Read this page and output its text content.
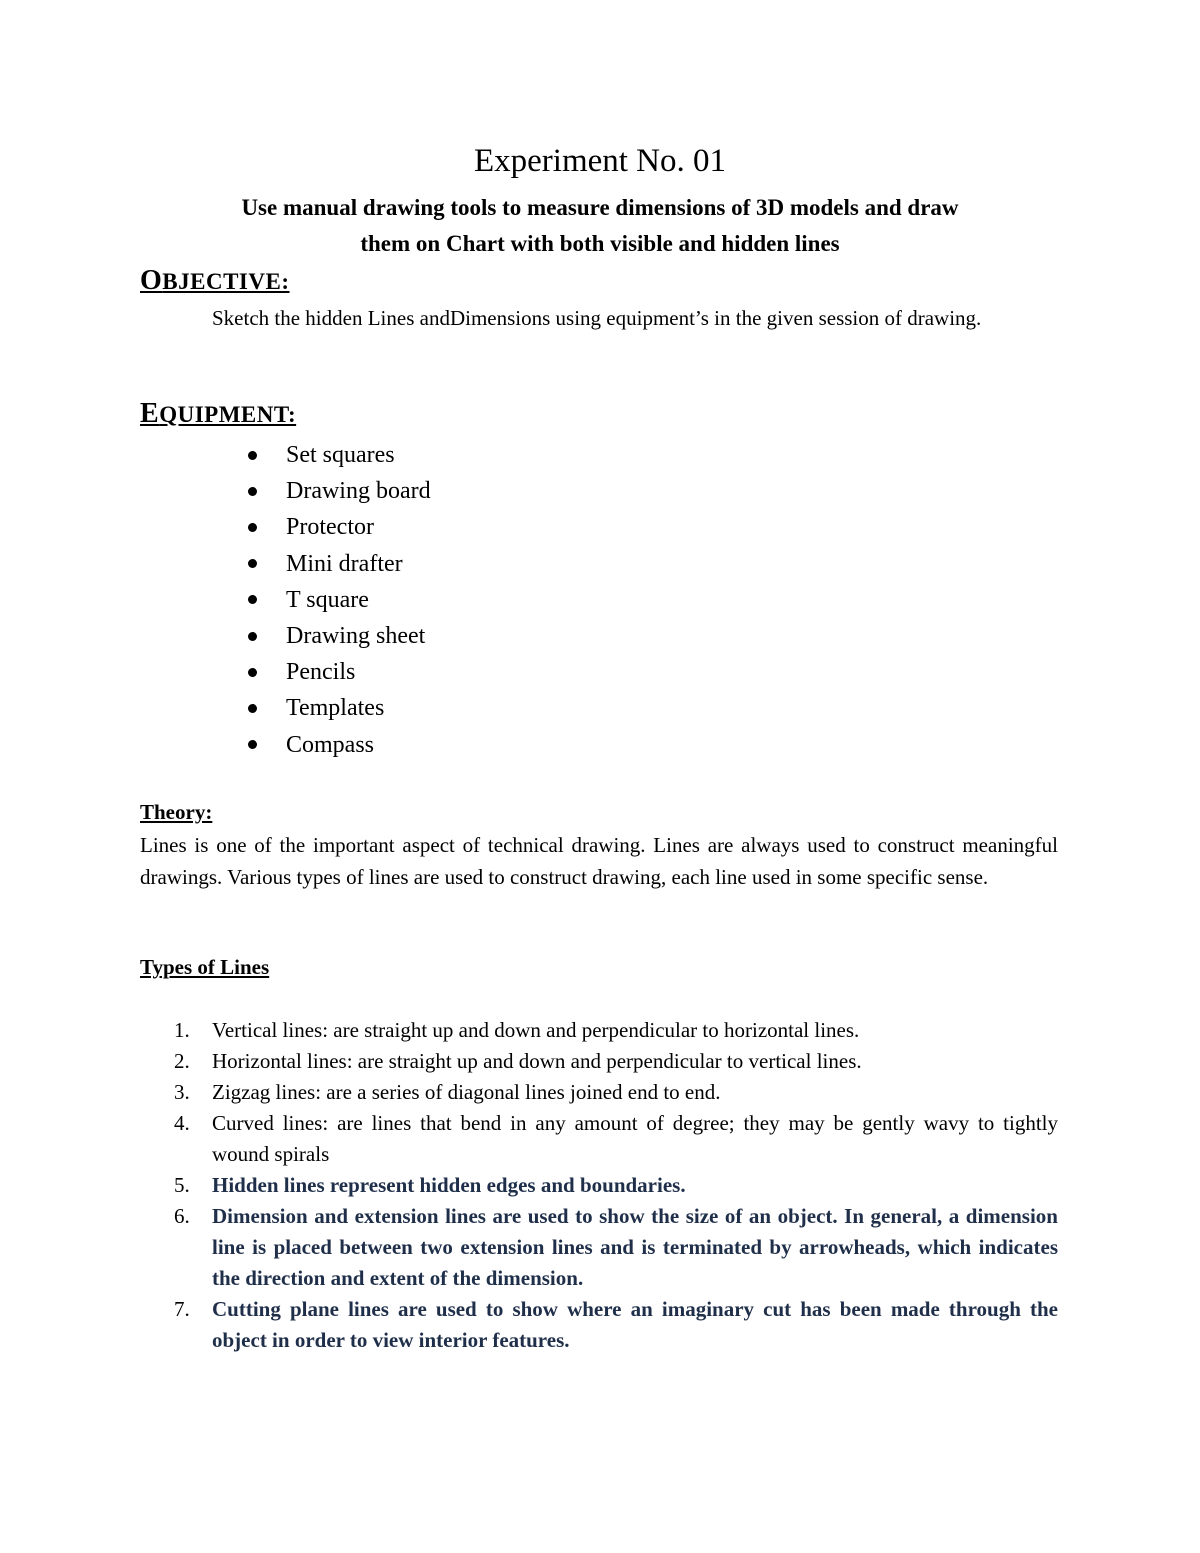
Experiment No. 01
Use manual drawing tools to measure dimensions of 3D models and draw
them on Chart with both visible and hidden lines
OBJECTIVE:
Sketch the hidden Lines andDimensions using equipment’s in the given session of drawing.
EQUIPMENT:
Set squares
Drawing board
Protector
Mini drafter
T square
Drawing sheet
Pencils
Templates
Compass
Theory:
Lines is one of the important aspect of technical drawing. Lines are always used to construct meaningful drawings. Various types of lines are used to construct drawing, each line used in some specific sense.
Types of Lines
1. Vertical lines: are straight up and down and perpendicular to horizontal lines.
2. Horizontal lines: are straight up and down and perpendicular to vertical lines.
3. Zigzag lines: are a series of diagonal lines joined end to end.
4. Curved lines: are lines that bend in any amount of degree; they may be gently wavy to tightly wound spirals
5. Hidden lines represent hidden edges and boundaries.
6. Dimension and extension lines are used to show the size of an object. In general, a dimension line is placed between two extension lines and is terminated by arrowheads, which indicates the direction and extent of the dimension.
7. Cutting plane lines are used to show where an imaginary cut has been made through the object in order to view interior features.
